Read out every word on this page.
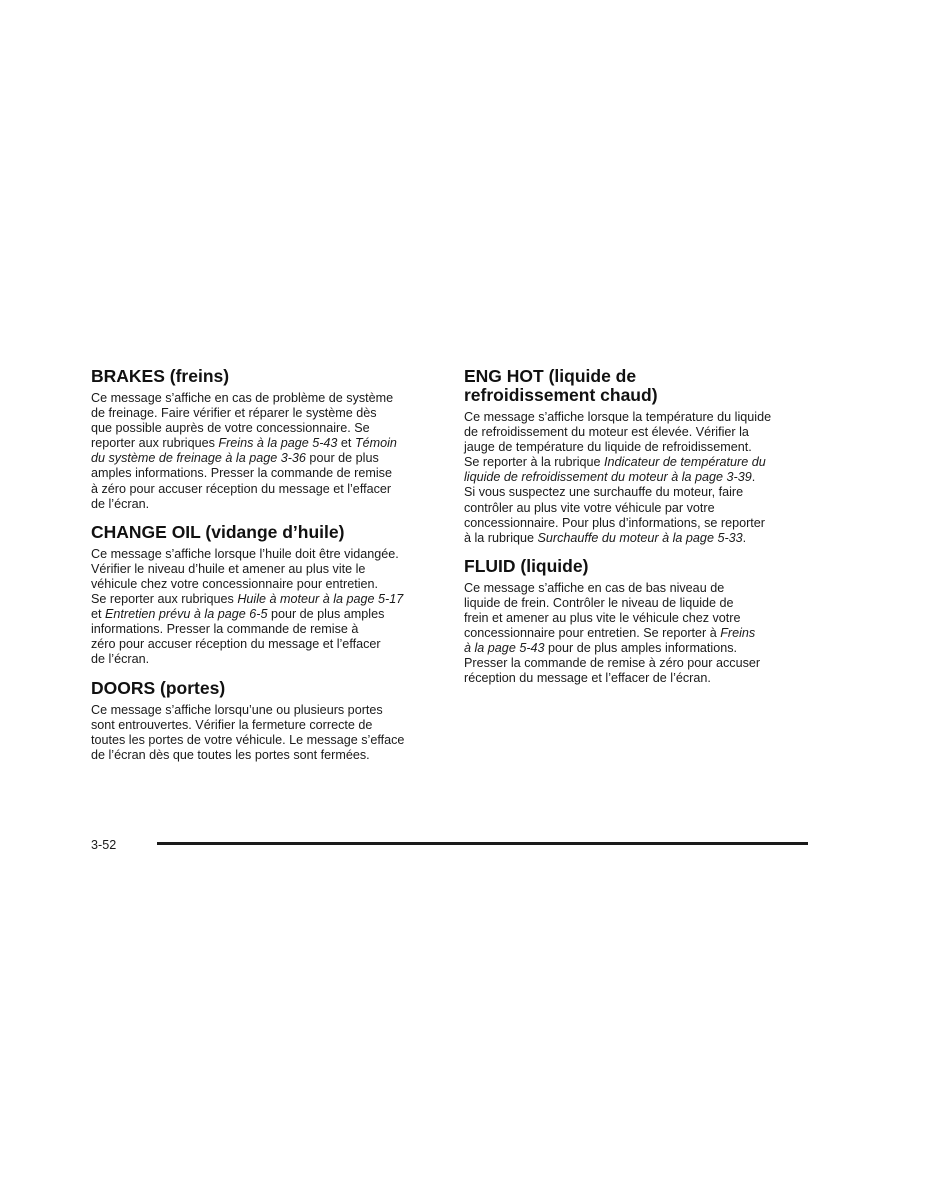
BRAKES (freins)

Ce message s’affiche en cas de problème de système
de freinage. Faire vérifier et réparer le système dès
que possible auprès de votre concessionnaire. Se
reporter aux rubriques Freins à la page 5-43 et Témoin
du système de freinage à la page 3-36 pour de plus
amples informations. Presser la commande de remise
à zéro pour accuser réception du message et l’effacer
de l’écran.

CHANGE OIL (vidange d’huile)

Ce message s’affiche lorsque l’huile doit être vidangée.
Vérifier le niveau d’huile et amener au plus vite le
véhicule chez votre concessionnaire pour entretien.
Se reporter aux rubriques Huile à moteur à la page 5-17
et Entretien prévu à la page 6-5 pour de plus amples
informations. Presser la commande de remise à
zéro pour accuser réception du message et l’effacer
de l’écran.

DOORS (portes)

Ce message s’affiche lorsqu’une ou plusieurs portes
sont entrouvertes. Vérifier la fermeture correcte de
toutes les portes de votre véhicule. Le message s’efface
de l’écran dès que toutes les portes sont fermées.

ENG HOT (liquide de
refroidissement chaud)

Ce message s’affiche lorsque la température du liquide
de refroidissement du moteur est élevée. Vérifier la
jauge de température du liquide de refroidissement.
Se reporter à la rubrique Indicateur de température du
liquide de refroidissement du moteur à la page 3-39.
Si vous suspectez une surchauffe du moteur, faire
contrôler au plus vite votre véhicule par votre
concessionnaire. Pour plus d’informations, se reporter
à la rubrique Surchauffe du moteur à la page 5-33.

FLUID (liquide)

Ce message s’affiche en cas de bas niveau de
liquide de frein. Contrôler le niveau de liquide de
frein et amener au plus vite le véhicule chez votre
concessionnaire pour entretien. Se reporter à Freins
à la page 5-43 pour de plus amples informations.
Presser la commande de remise à zéro pour accuser
réception du message et l’effacer de l’écran.

3-52
